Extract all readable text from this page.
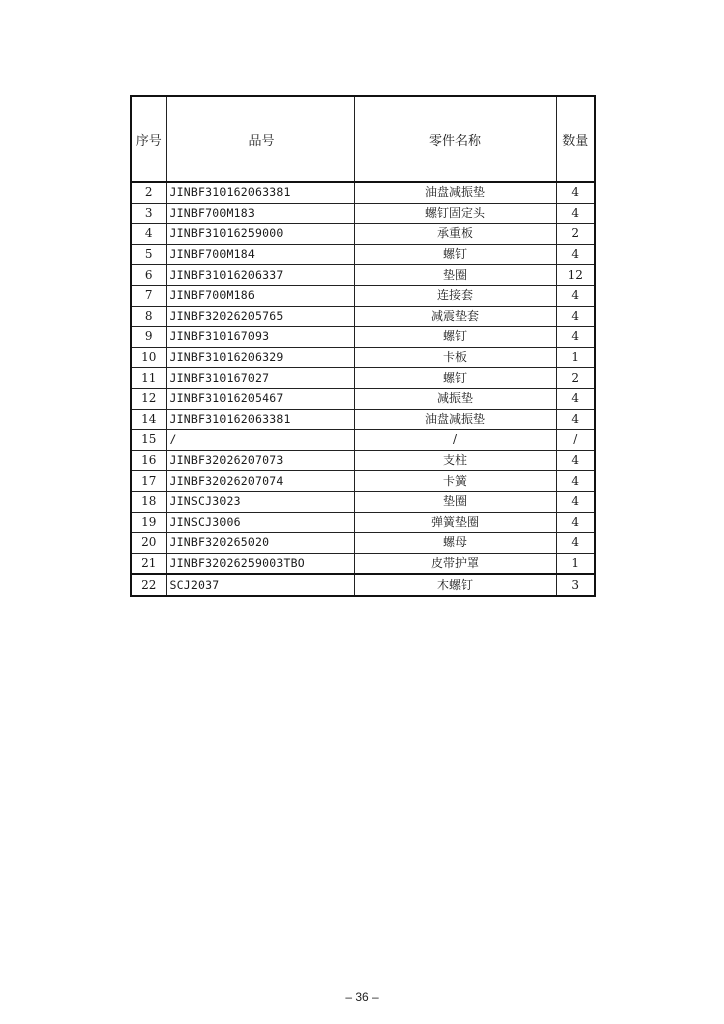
序号	品号	零件名称	数量
2	JINBF310162063381	油盘减振垫	4
3	JINBF700M183	螺钉固定头	4
4	JINBF31016259000	承重板	2
5	JINBF700M184	螺钉	4
6	JINBF31016206337	垫圈	12
7	JINBF700M186	连接套	4
8	JINBF32026205765	减震垫套	4
9	JINBF310167093	螺钉	4
10	JINBF31016206329	卡板	1
11	JINBF310167027	螺钉	2
12	JINBF31016205467	减振垫	4
14	JINBF310162063381	油盘减振垫	4
15	/	/	/
16	JINBF32026207073	支柱	4
17	JINBF32026207074	卡簧	4
18	JINSCJ3023	垫圈	4
19	JINSCJ3006	弹簧垫圈	4
20	JINBF320265020	螺母	4
21	JINBF32026259003TBO	皮带护罩	1
22	SCJ2037	木螺钉	3
– 36 –
